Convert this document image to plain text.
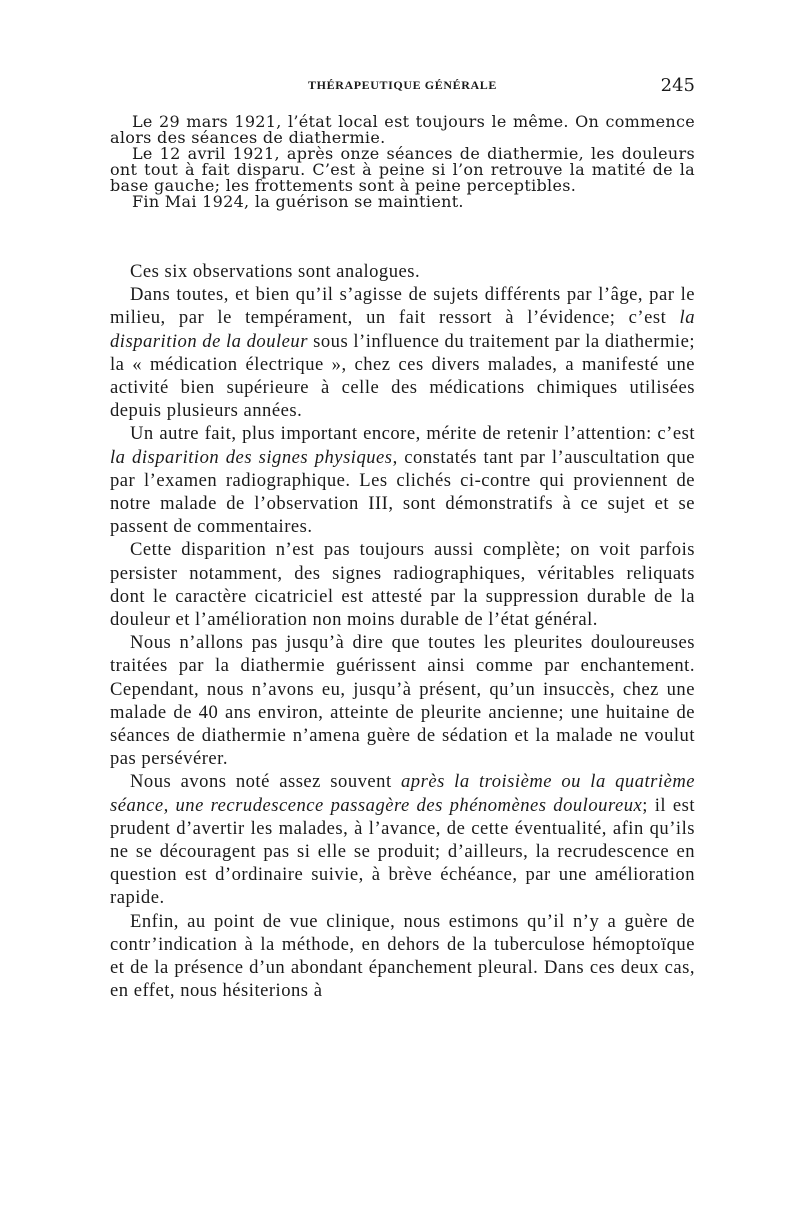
THÉRAPEUTIQUE GÉNÉRALE	245

Le 29 mars 1921, l’état local est toujours le même. On commence alors des séances de diathermie.

Le 12 avril 1921, après onze séances de diathermie, les douleurs ont tout à fait disparu. C’est à peine si l’on retrouve la matité de la base gauche; les frottements sont à peine perceptibles.

Fin Mai 1924, la guérison se maintient.

Ces six observations sont analogues.

Dans toutes, et bien qu’il s’agisse de sujets différents par l’âge, par le milieu, par le tempérament, un fait ressort à l’évidence; c’est la disparition de la douleur sous l’influence du traitement par la diathermie; la « médication électrique », chez ces divers malades, a manifesté une activité bien supérieure à celle des médications chimiques utilisées depuis plusieurs années.

Un autre fait, plus important encore, mérite de retenir l’attention: c’est la disparition des signes physiques, constatés tant par l’auscultation que par l’examen radiographique. Les clichés ci-contre qui proviennent de notre malade de l’observation III, sont démonstratifs à ce sujet et se passent de commentaires.

Cette disparition n’est pas toujours aussi complète; on voit parfois persister notamment, des signes radiographiques, véritables reliquats dont le caractère cicatriciel est attesté par la suppression durable de la douleur et l’amélioration non moins durable de l’état général.

Nous n’allons pas jusqu’à dire que toutes les pleurites douloureuses traitées par la diathermie guérissent ainsi comme par enchantement. Cependant, nous n’avons eu, jusqu’à présent, qu’un insuccès, chez une malade de 40 ans environ, atteinte de pleurite ancienne; une huitaine de séances de diathermie n’amena guère de sédation et la malade ne voulut pas persévérer.

Nous avons noté assez souvent après la troisième ou la quatrième séance, une recrudescence passagère des phénomènes douloureux; il est prudent d’avertir les malades, à l’avance, de cette éventualité, afin qu’ils ne se découragent pas si elle se produit; d’ailleurs, la recrudescence en question est d’ordinaire suivie, à brève échéance, par une amélioration rapide.

Enfin, au point de vue clinique, nous estimons qu’il n’y a guère de contr’indication à la méthode, en dehors de la tuberculose hémoptoïque et de la présence d’un abondant épanchement pleural. Dans ces deux cas, en effet, nous hésiterions à
